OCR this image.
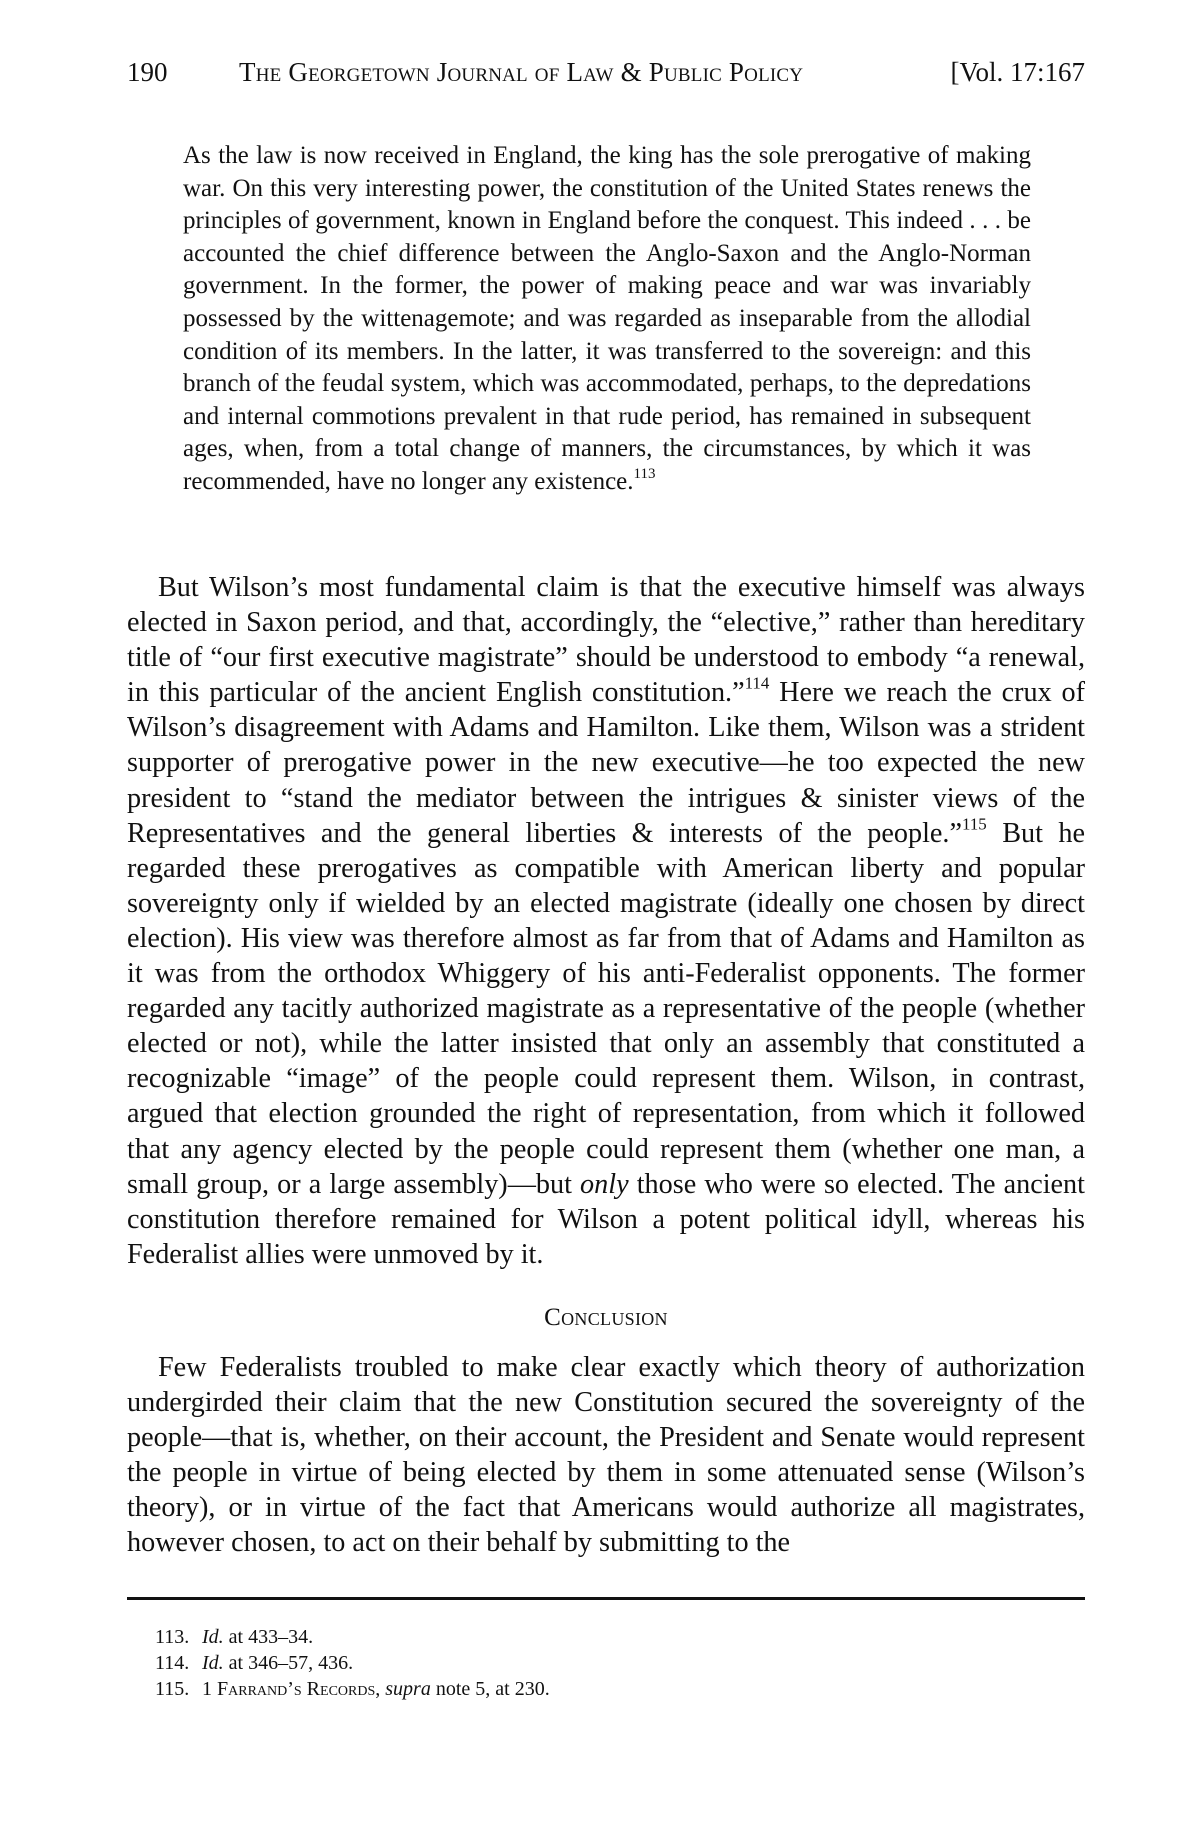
190	The Georgetown Journal of Law & Public Policy	[Vol. 17:167

As the law is now received in England, the king has the sole prerogative of making war. On this very interesting power, the constitution of the United States renews the principles of government, known in England before the conquest. This indeed . . . be accounted the chief difference between the Anglo-Saxon and the Anglo-Norman government. In the former, the power of making peace and war was invariably possessed by the wittenagemote; and was regarded as inseparable from the allodial condition of its members. In the latter, it was transferred to the sovereign: and this branch of the feudal system, which was accommodated, perhaps, to the depredations and internal commotions prevalent in that rude period, has remained in subsequent ages, when, from a total change of manners, the circumstances, by which it was recommended, have no longer any existence.$^{113}$

But Wilson’s most fundamental claim is that the executive himself was always elected in Saxon period, and that, accordingly, the “elective,” rather than hereditary title of “our first executive magistrate” should be understood to embody “a renewal, in this particular of the ancient English constitution.”$^{114}$ Here we reach the crux of Wilson’s disagreement with Adams and Hamilton. Like them, Wilson was a strident supporter of prerogative power in the new executive—he too expected the new president to “stand the mediator between the intrigues & sinister views of the Representatives and the general liberties & interests of the people.”$^{115}$ But he regarded these prerogatives as compatible with American liberty and popular sovereignty only if wielded by an elected magistrate (ideally one chosen by direct election). His view was therefore almost as far from that of Adams and Hamilton as it was from the orthodox Whiggery of his anti-Federalist opponents. The former regarded any tacitly authorized magistrate as a representative of the people (whether elected or not), while the latter insisted that only an assembly that constituted a recognizable “image” of the people could represent them. Wilson, in contrast, argued that election grounded the right of representation, from which it followed that any agency elected by the people could represent them (whether one man, a small group, or a large assembly)—but only those who were so elected. The ancient constitution therefore remained for Wilson a potent political idyll, whereas his Federalist allies were unmoved by it.

Conclusion

Few Federalists troubled to make clear exactly which theory of authorization undergirded their claim that the new Constitution secured the sovereignty of the people—that is, whether, on their account, the President and Senate would represent the people in virtue of being elected by them in some attenuated sense (Wilson’s theory), or in virtue of the fact that Americans would authorize all magistrates, however chosen, to act on their behalf by submitting to the

113. Id. at 433–34.
114. Id. at 346–57, 436.
115. 1 Farrand’s Records, supra note 5, at 230.
